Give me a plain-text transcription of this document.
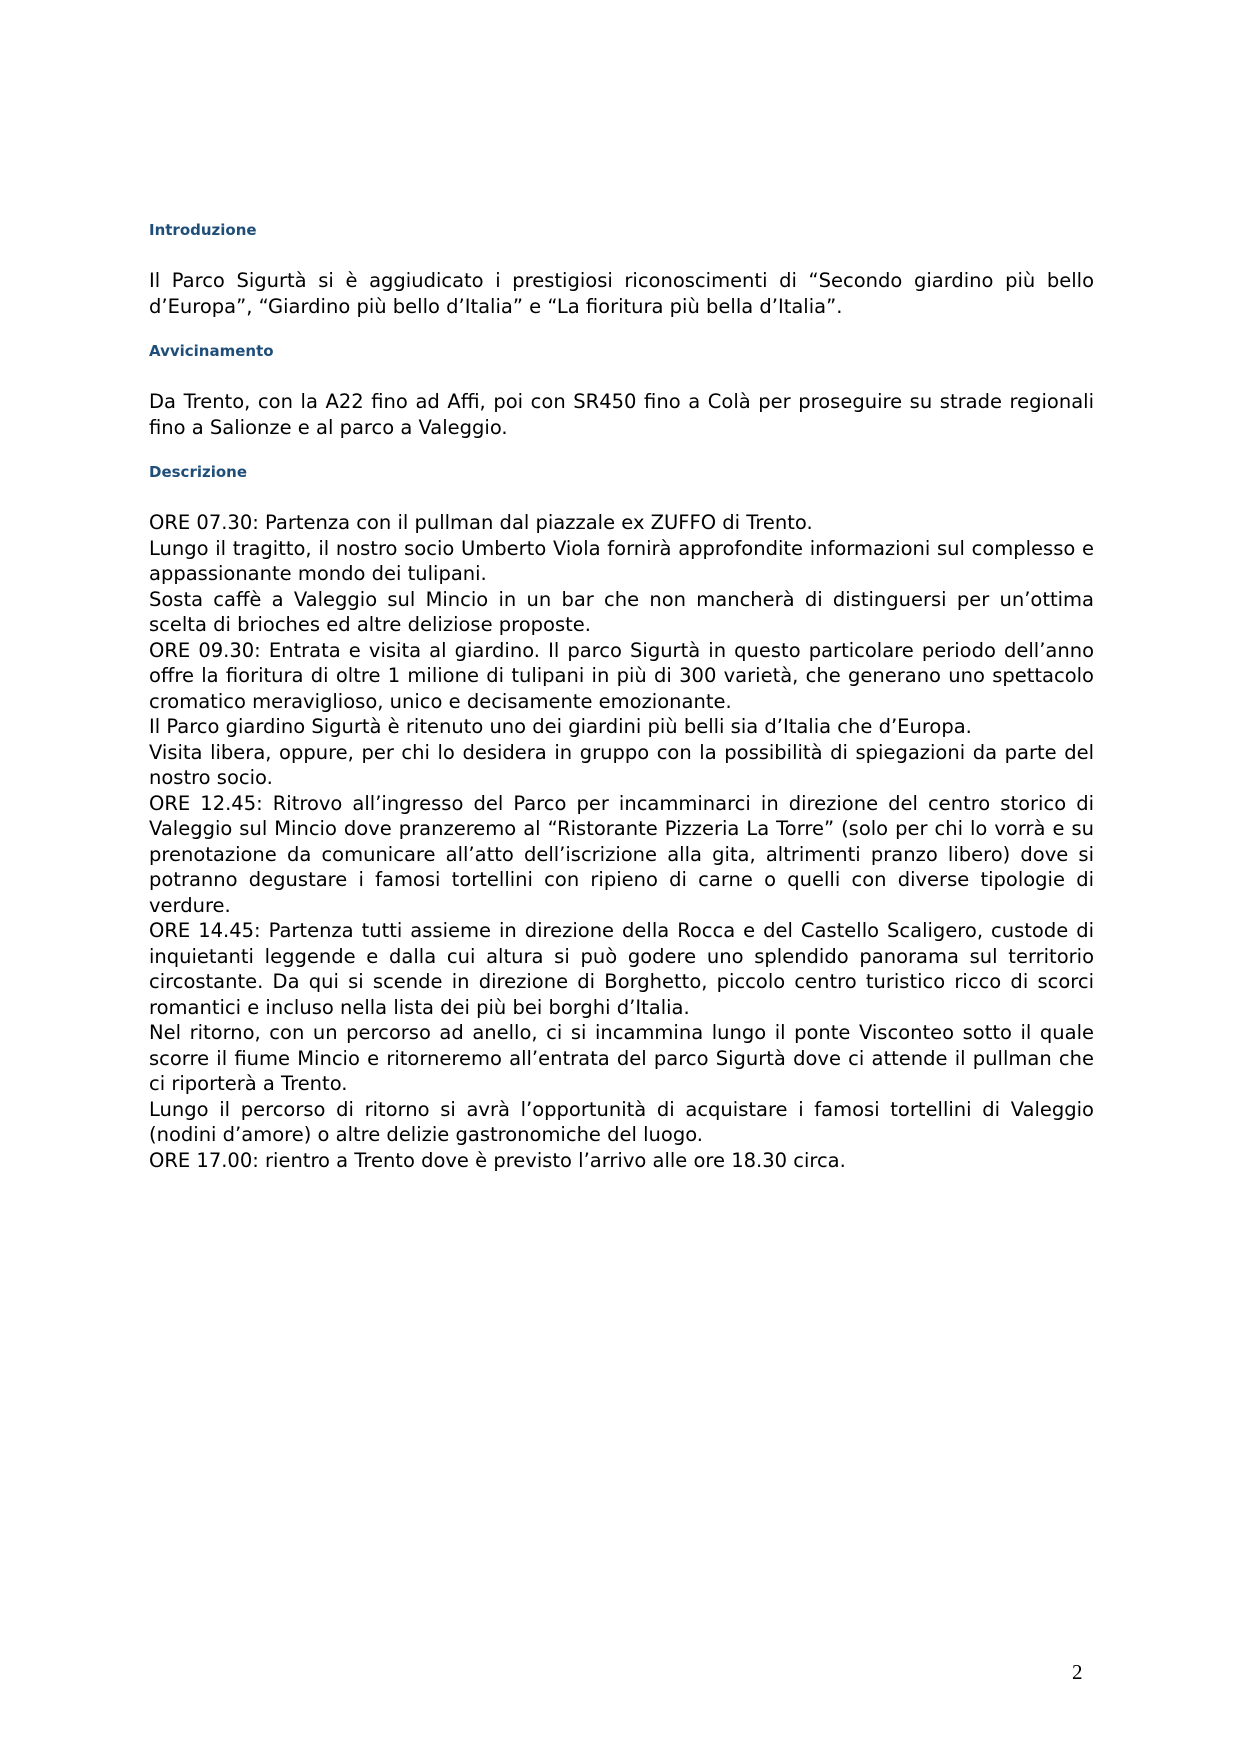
Introduzione

Il Parco Sigurtà si è aggiudicato i prestigiosi riconoscimenti di “Secondo giardino più bello d’Europa”, “Giardino più bello d’Italia” e “La fioritura più bella d’Italia”.

Avvicinamento

Da Trento, con la A22 fino ad Affi, poi con SR450 fino a Colà per proseguire su strade regionali fino a Salionze e al parco a Valeggio.

Descrizione

ORE 07.30: Partenza con il pullman dal piazzale ex ZUFFO di Trento.

Lungo il tragitto, il nostro socio Umberto Viola fornirà approfondite informazioni sul complesso e appassionante mondo dei tulipani.

Sosta caffè a Valeggio sul Mincio in un bar che non mancherà di distinguersi per un’ottima scelta di brioches ed altre deliziose proposte.

ORE 09.30: Entrata e visita al giardino. Il parco Sigurtà in questo particolare periodo dell’anno offre la fioritura di oltre 1 milione di tulipani in più di 300 varietà, che generano uno spettacolo cromatico meraviglioso, unico e decisamente emozionante.

Il Parco giardino Sigurtà è ritenuto uno dei giardini più belli sia d’Italia che d’Europa.

Visita libera, oppure, per chi lo desidera in gruppo con la possibilità di spiegazioni da parte del nostro socio.

ORE 12.45: Ritrovo all’ingresso del Parco per incamminarci in direzione del centro storico di Valeggio sul Mincio dove pranzeremo al “Ristorante Pizzeria La Torre” (solo per chi lo vorrà e su prenotazione da comunicare all’atto dell’iscrizione alla gita, altrimenti pranzo libero) dove si potranno degustare i famosi tortellini con ripieno di carne o quelli con diverse tipologie di verdure.

ORE 14.45: Partenza tutti assieme in direzione della Rocca e del Castello Scaligero, custode di inquietanti leggende e dalla cui altura si può godere uno splendido panorama sul territorio circostante. Da qui si scende in direzione di Borghetto, piccolo centro turistico ricco di scorci romantici e incluso nella lista dei più bei borghi d’Italia.

Nel ritorno, con un percorso ad anello, ci si incammina lungo il ponte Visconteo sotto il quale scorre il fiume Mincio e ritorneremo all’entrata del parco Sigurtà dove ci attende il pullman che ci riporterà a Trento.

Lungo il percorso di ritorno si avrà l’opportunità di acquistare i famosi tortellini di Valeggio (nodini d’amore) o altre delizie gastronomiche del luogo.

ORE 17.00: rientro a Trento dove è previsto l’arrivo alle ore 18.30 circa.

2
